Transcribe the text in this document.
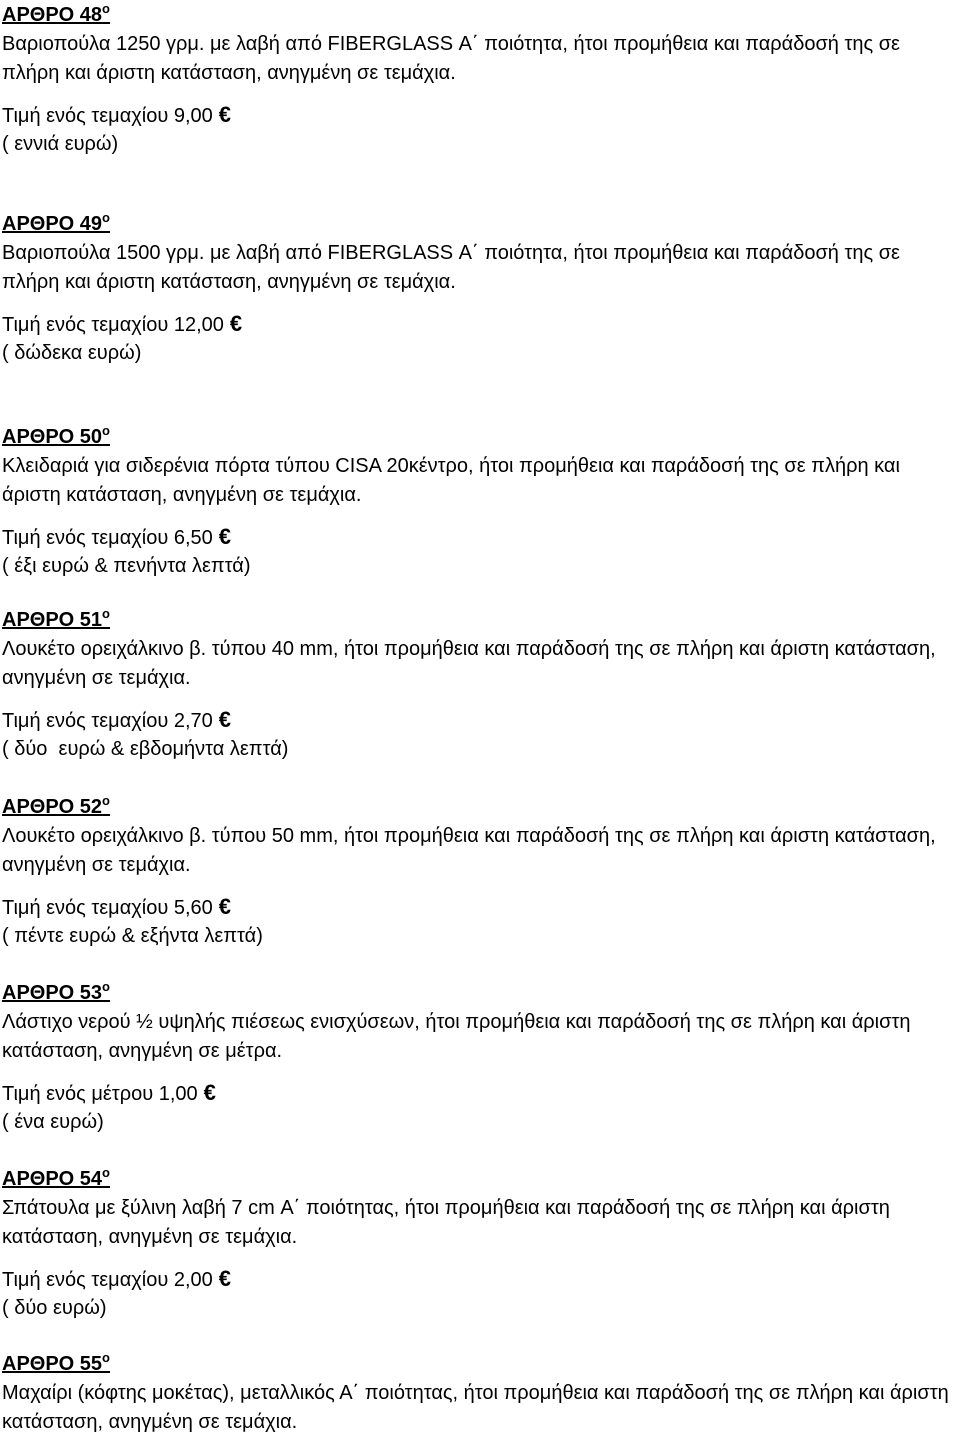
ΑΡΘΡΟ $48^o$

Βαριοπούλα 1250 γρμ. με λαβή από FIBERGLASS Α΄ ποιότητα, ήτοι προμήθεια και παράδοσή της σε πλήρη και άριστη κατάσταση, ανηγμένη σε τεμάχια.

Τιμή ενός τεμαχίου 9,00 €
( εννιά ευρώ)
ΑΡΘΡΟ $49^o$

Βαριοπούλα 1500 γρμ. με λαβή από FIBERGLASS Α΄ ποιότητα, ήτοι προμήθεια και παράδοσή της σε πλήρη και άριστη κατάσταση, ανηγμένη σε τεμάχια.

Τιμή ενός τεμαχίου 12,00 €
( δώδεκα ευρώ)
ΑΡΘΡΟ $50^o$

Κλειδαριά για σιδερένια πόρτα τύπου CISA 20κέντρο, ήτοι προμήθεια και παράδοσή της σε πλήρη και άριστη κατάσταση, ανηγμένη σε τεμάχια.

Τιμή ενός τεμαχίου 6,50 €
( έξι ευρώ & πενήντα λεπτά)
ΑΡΘΡΟ $51^o$

Λουκέτο ορειχάλκινο β. τύπου 40 mm, ήτοι προμήθεια και παράδοσή της σε πλήρη και άριστη κατάσταση, ανηγμένη σε τεμάχια.

Τιμή ενός τεμαχίου 2,70 €
( δύο  ευρώ & εβδομήντα λεπτά)
ΑΡΘΡΟ $52^o$

Λουκέτο ορειχάλκινο β. τύπου 50 mm, ήτοι προμήθεια και παράδοσή της σε πλήρη και άριστη κατάσταση, ανηγμένη σε τεμάχια.

Τιμή ενός τεμαχίου 5,60 €
( πέντε ευρώ & εξήντα λεπτά)
ΑΡΘΡΟ $53^o$

Λάστιχο νερού ½ υψηλής πιέσεως ενισχύσεων, ήτοι προμήθεια και παράδοσή της σε πλήρη και άριστη κατάσταση, ανηγμένη σε μέτρα.

Τιμή ενός μέτρου 1,00 €
( ένα ευρώ)
ΑΡΘΡΟ $54^o$

Σπάτουλα με ξύλινη λαβή 7 cm Α΄ ποιότητας, ήτοι προμήθεια και παράδοσή της σε πλήρη και άριστη κατάσταση, ανηγμένη σε τεμάχια.

Τιμή ενός τεμαχίου 2,00 €
( δύο ευρώ)
ΑΡΘΡΟ $55^o$

Μαχαίρι (κόφτης μοκέτας), μεταλλικός Α΄ ποιότητας, ήτοι προμήθεια και παράδοσή της σε πλήρη και άριστη κατάσταση, ανηγμένη σε τεμάχια.
